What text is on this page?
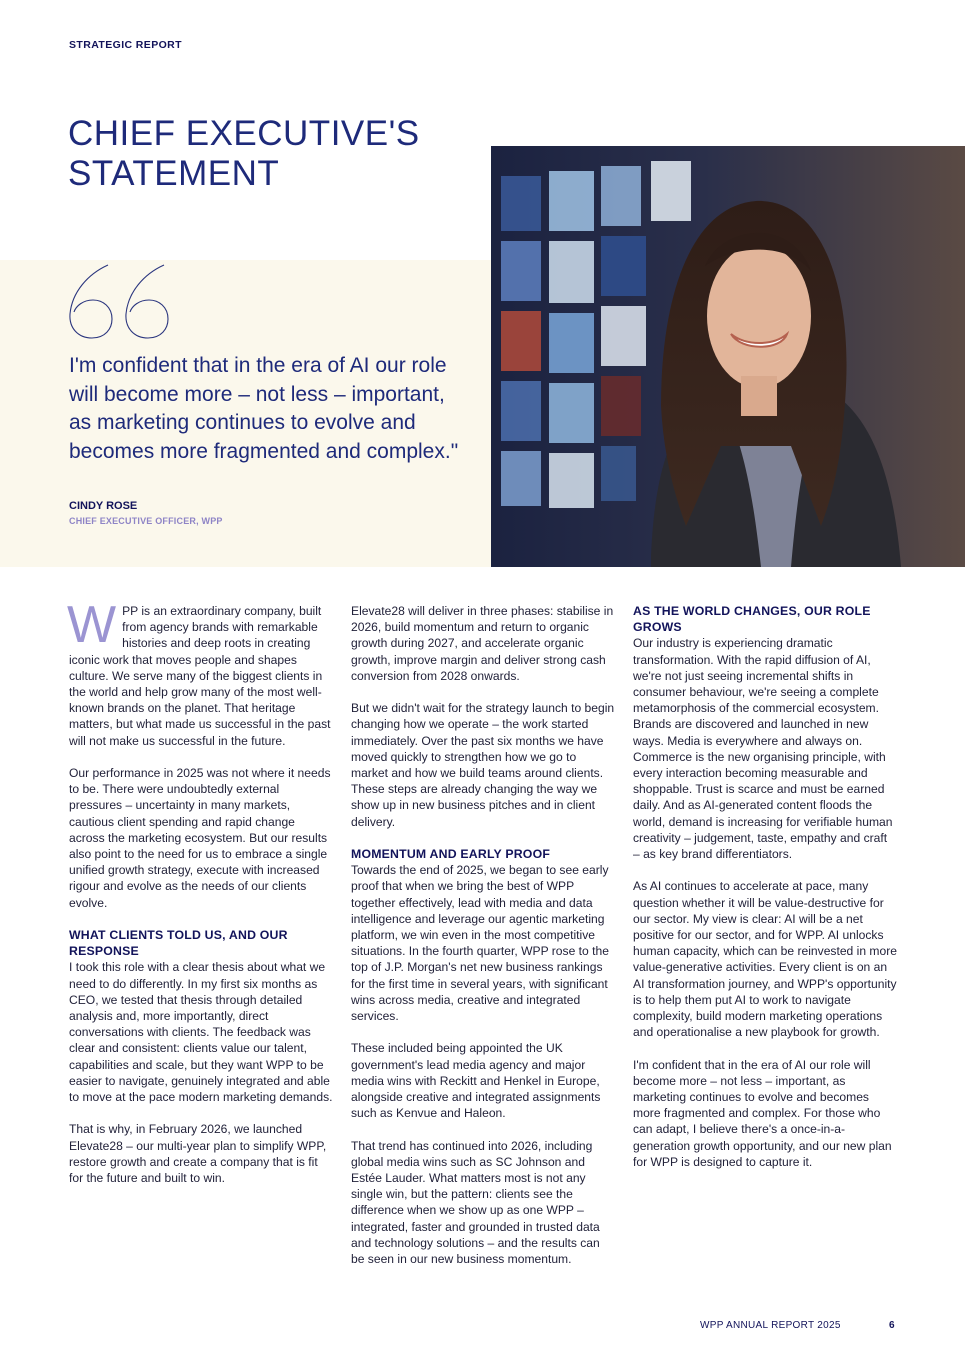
STRATEGIC REPORT
CHIEF EXECUTIVE'S
STATEMENT

I'm confident that in the era of AI our role will become more – not less – important, as marketing continues to evolve and becomes more fragmented and complex."

CINDY ROSE
CHIEF EXECUTIVE OFFICER, WPP

WPP is an extraordinary company, built from agency brands with remarkable histories and deep roots in creating iconic work that moves people and shapes culture. We serve many of the biggest clients in the world and help grow many of the most well-known brands on the planet. That heritage matters, but what made us successful in the past will not make us successful in the future.

Our performance in 2025 was not where it needs to be. There were undoubtedly external pressures – uncertainty in many markets, cautious client spending and rapid change across the marketing ecosystem. But our results also point to the need for us to embrace a single unified growth strategy, execute with increased rigour and evolve as the needs of our clients evolve.

WHAT CLIENTS TOLD US, AND OUR RESPONSE

I took this role with a clear thesis about what we need to do differently. In my first six months as CEO, we tested that thesis through detailed analysis and, more importantly, direct conversations with clients. The feedback was clear and consistent: clients value our talent, capabilities and scale, but they want WPP to be easier to navigate, genuinely integrated and able to move at the pace modern marketing demands.

That is why, in February 2026, we launched Elevate28 – our multi-year plan to simplify WPP, restore growth and create a company that is fit for the future and built to win.

Elevate28 will deliver in three phases: stabilise in 2026, build momentum and return to organic growth during 2027, and accelerate organic growth, improve margin and deliver strong cash conversion from 2028 onwards.

But we didn't wait for the strategy launch to begin changing how we operate – the work started immediately. Over the past six months we have moved quickly to strengthen how we go to market and how we build teams around clients. These steps are already changing the way we show up in new business pitches and in client delivery.

MOMENTUM AND EARLY PROOF

Towards the end of 2025, we began to see early proof that when we bring the best of WPP together effectively, lead with media and data intelligence and leverage our agentic marketing platform, we win even in the most competitive situations. In the fourth quarter, WPP rose to the top of J.P. Morgan's net new business rankings for the first time in several years, with significant wins across media, creative and integrated services.

These included being appointed the UK government's lead media agency and major media wins with Reckitt and Henkel in Europe, alongside creative and integrated assignments such as Kenvue and Haleon.

That trend has continued into 2026, including global media wins such as SC Johnson and Estée Lauder. What matters most is not any single win, but the pattern: clients see the difference when we show up as one WPP – integrated, faster and grounded in trusted data and technology solutions – and the results can be seen in our new business momentum.

AS THE WORLD CHANGES, OUR ROLE GROWS

Our industry is experiencing dramatic transformation. With the rapid diffusion of AI, we're not just seeing incremental shifts in consumer behaviour, we're seeing a complete metamorphosis of the commercial ecosystem. Brands are discovered and launched in new ways. Media is everywhere and always on. Commerce is the new organising principle, with every interaction becoming measurable and shoppable. Trust is scarce and must be earned daily. And as AI-generated content floods the world, demand is increasing for verifiable human creativity – judgement, taste, empathy and craft – as key brand differentiators.

As AI continues to accelerate at pace, many question whether it will be value-destructive for our sector. My view is clear: AI will be a net positive for our sector, and for WPP. AI unlocks human capacity, which can be reinvested in more value-generative activities. Every client is on an AI transformation journey, and WPP's opportunity is to help them put AI to work to navigate complexity, build modern marketing operations and operationalise a new playbook for growth.

I'm confident that in the era of AI our role will become more – not less – important, as marketing continues to evolve and becomes more fragmented and complex. For those who can adapt, I believe there's a once-in-a-generation growth opportunity, and our new plan for WPP is designed to capture it.

WPP ANNUAL REPORT 2025	6
